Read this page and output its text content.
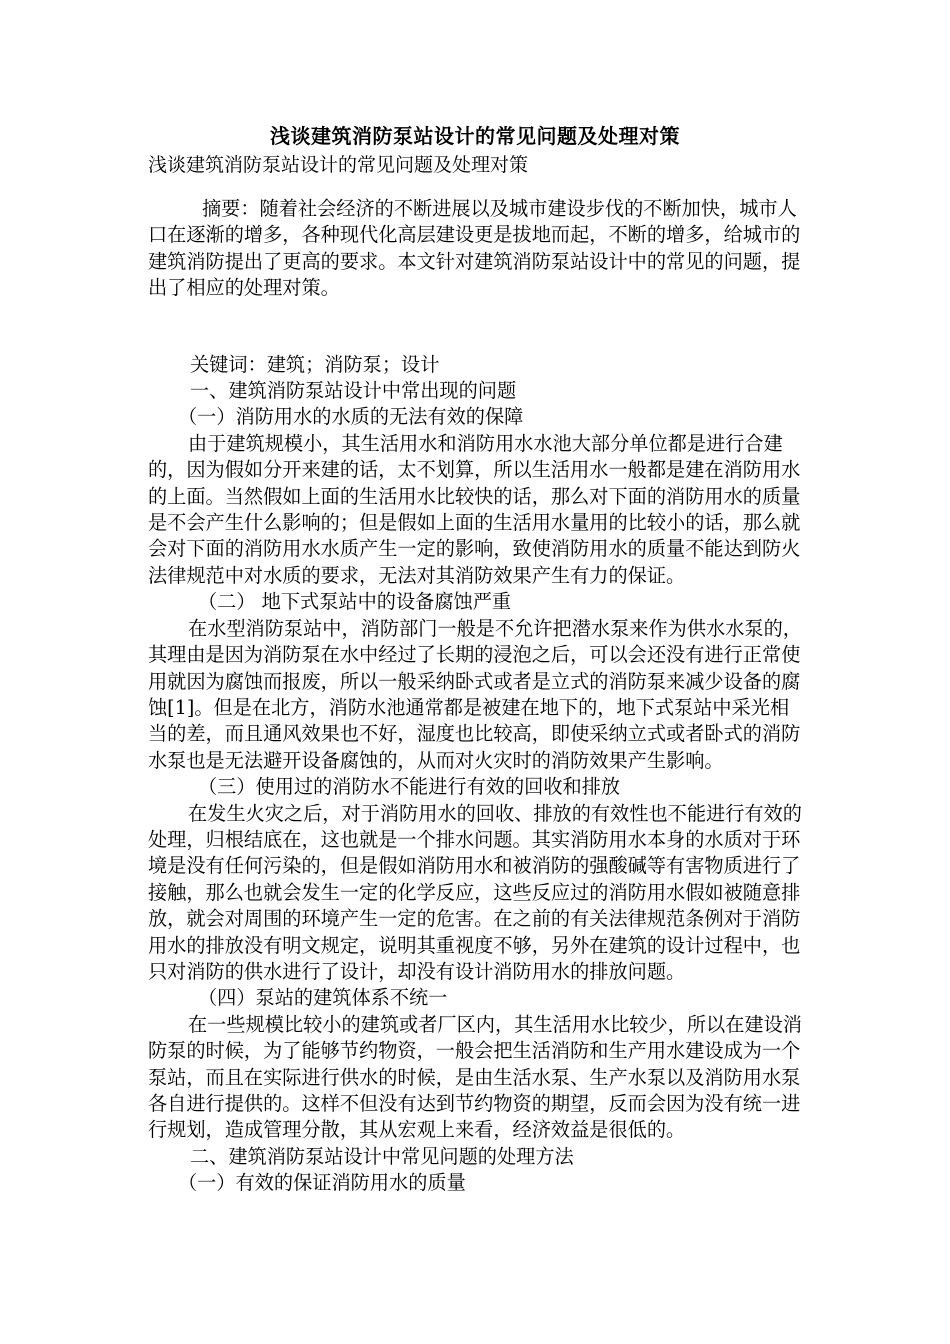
浅谈建筑消防泵站设计的常见问题及处理对策
浅谈建筑消防泵站设计的常见问题及处理对策

摘要：随着社会经济的不断进展以及城市建设步伐的不断加快，城市人口在逐渐的增多，各种现代化高层建设更是拔地而起，不断的增多，给城市的建筑消防提出了更高的要求。本文针对建筑消防泵站设计中的常见的问题，提出了相应的处理对策。

关键词：建筑；消防泵；设计

一、建筑消防泵站设计中常出现的问题

（一）消防用水的水质的无法有效的保障

由于建筑规模小，其生活用水和消防用水水池大部分单位都是进行合建的，因为假如分开来建的话，太不划算，所以生活用水一般都是建在消防用水的上面。当然假如上面的生活用水比较快的话，那么对下面的消防用水的质量是不会产生什么影响的；但是假如上面的生活用水量用的比较小的话，那么就会对下面的消防用水水质产生一定的影响，致使消防用水的质量不能达到防火法律规范中对水质的要求，无法对其消防效果产生有力的保证。

（二） 地下式泵站中的设备腐蚀严重

在水型消防泵站中，消防部门一般是不允许把潜水泵来作为供水水泵的，其理由是因为消防泵在水中经过了长期的浸泡之后，可以会还没有进行正常使用就因为腐蚀而报废，所以一般采纳卧式或者是立式的消防泵来减少设备的腐蚀[1]。但是在北方，消防水池通常都是被建在地下的，地下式泵站中采光相当的差，而且通风效果也不好，湿度也比较高，即使采纳立式或者卧式的消防水泵也是无法避开设备腐蚀的，从而对火灾时的消防效果产生影响。

（三）使用过的消防水不能进行有效的回收和排放

在发生火灾之后，对于消防用水的回收、排放的有效性也不能进行有效的处理，归根结底在，这也就是一个排水问题。其实消防用水本身的水质对于环境是没有任何污染的，但是假如消防用水和被消防的强酸碱等有害物质进行了接触，那么也就会发生一定的化学反应，这些反应过的消防用水假如被随意排放，就会对周围的环境产生一定的危害。在之前的有关法律规范条例对于消防用水的排放没有明文规定，说明其重视度不够，另外在建筑的设计过程中，也只对消防的供水进行了设计，却没有设计消防用水的排放问题。

（四）泵站的建筑体系不统一

在一些规模比较小的建筑或者厂区内，其生活用水比较少，所以在建设消防泵的时候，为了能够节约物资，一般会把生活消防和生产用水建设成为一个泵站，而且在实际进行供水的时候，是由生活水泵、生产水泵以及消防用水泵各自进行提供的。这样不但没有达到节约物资的期望，反而会因为没有统一进行规划，造成管理分散，其从宏观上来看，经济效益是很低的。

二、建筑消防泵站设计中常见问题的处理方法

（一）有效的保证消防用水的质量
